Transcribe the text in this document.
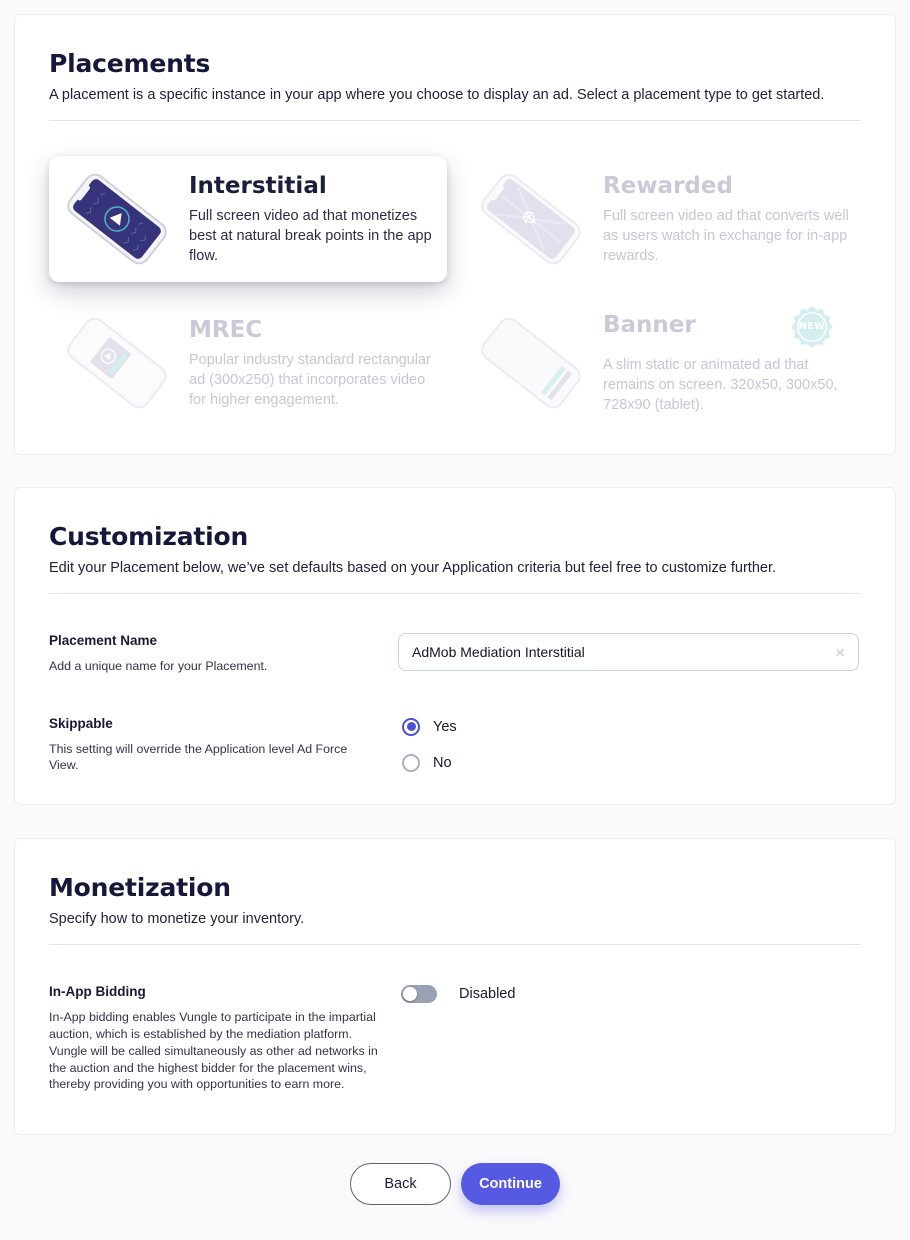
Placements

A placement is a specific instance in your app where you choose to display an ad. Select a placement type to get started.

Interstitial
Full screen video ad that monetizes best at natural break points in the app flow.
Rewarded
Full screen video ad that converts well as users watch in exchange for in-app rewards.
MREC
Popular industry standard rectangular ad (300x250) that incorporates video for higher engagement.
Banner	NEW
A slim static or animated ad that remains on screen. 320x50, 300x50, 728x90 (tablet).
Customization

Edit your Placement below, we’ve set defaults based on your Application criteria but feel free to customize further.

Placement Name
Add a unique name for your Placement.
AdMob Mediation Interstitial
×
Skippable
This setting will override the Application level Ad Force View.
Yes
No
Monetization

Specify how to monetize your inventory.

In-App Bidding
In-App bidding enables Vungle to participate in the impartial auction, which is established by the mediation platform. Vungle will be called simultaneously as other ad networks in the auction and the highest bidder for the placement wins, thereby providing you with opportunities to earn more.
Disabled
Back	Continue
